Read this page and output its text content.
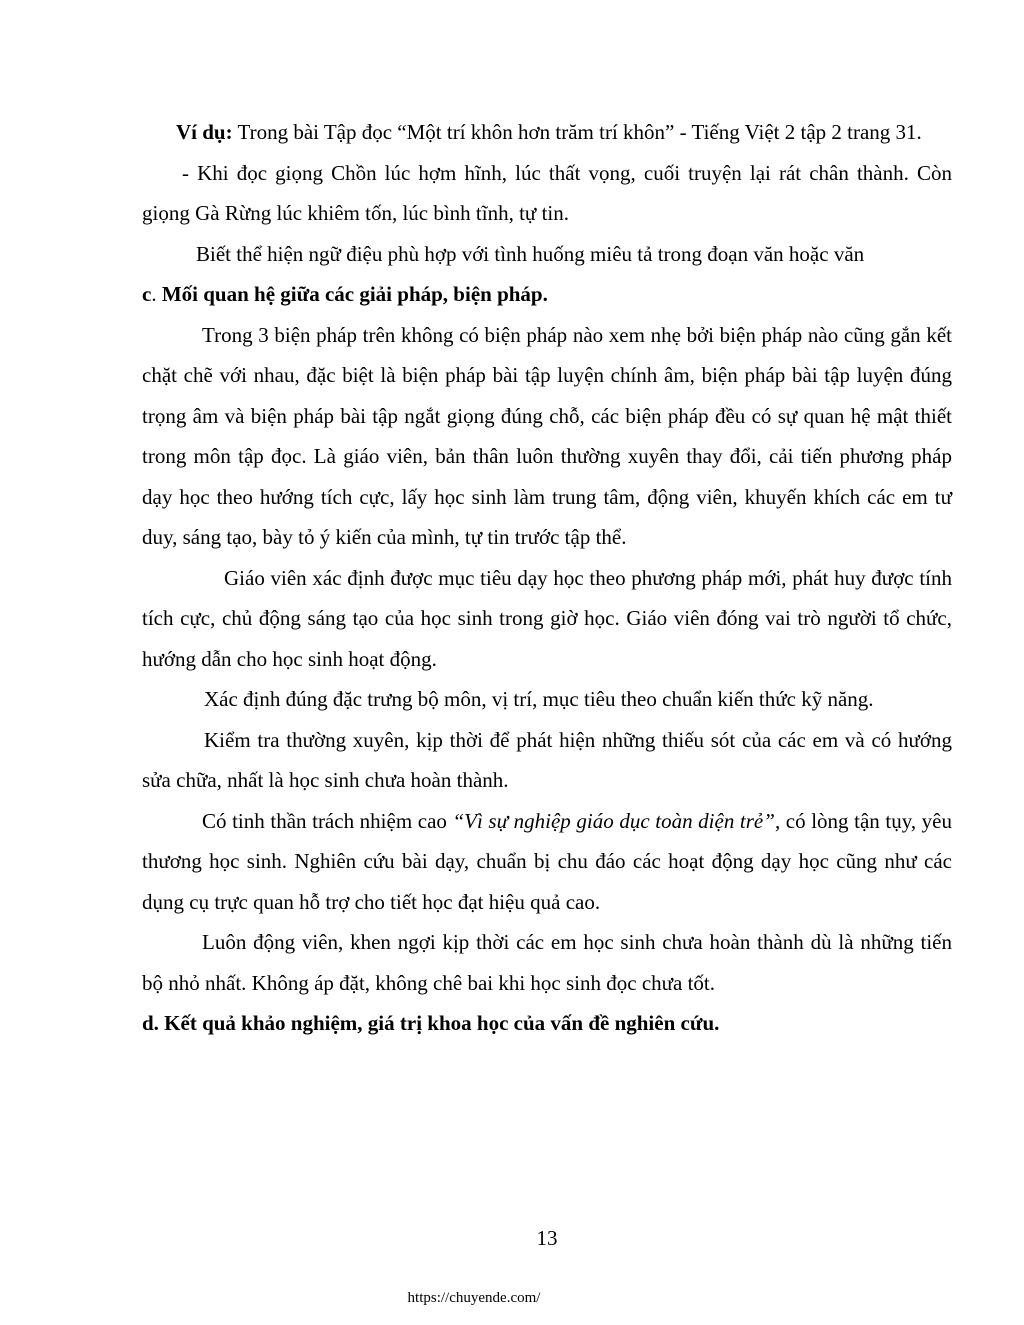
Ví dụ: Trong bài Tập đọc “Một trí khôn hơn trăm trí khôn” - Tiếng Việt 2 tập 2 trang 31.

- Khi đọc giọng Chồn lúc hợm hĩnh, lúc thất vọng, cuối truyện lại rát chân thành. Còn giọng Gà Rừng lúc khiêm tốn, lúc bình tĩnh, tự tin.

Biết thể hiện ngữ điệu phù hợp với tình huống miêu tả trong đoạn văn hoặc văn

c. Mối quan hệ giữa các giải pháp, biện pháp.

Trong 3 biện pháp trên không có biện pháp nào xem nhẹ bởi biện pháp nào cũng gắn kết chặt chẽ với nhau, đặc biệt là biện pháp bài tập luyện chính âm, biện pháp bài tập luyện đúng trọng âm và biện pháp bài tập ngắt giọng đúng chỗ, các biện pháp đều có sự quan hệ mật thiết trong môn tập đọc. Là giáo viên, bản thân luôn thường xuyên thay đổi, cải tiến phương pháp dạy học theo hướng tích cực, lấy học sinh làm trung tâm, động viên, khuyến khích các em tư duy, sáng tạo, bày tỏ ý kiến của mình, tự tin trước tập thể.

Giáo viên xác định được mục tiêu dạy học theo phương pháp mới, phát huy được tính tích cực, chủ động sáng tạo của học sinh trong giờ học. Giáo viên đóng vai trò người tổ chức, hướng dẫn cho học sinh hoạt động.

Xác định đúng đặc trưng bộ môn, vị trí, mục tiêu theo chuẩn kiến thức kỹ năng.

Kiểm tra thường xuyên, kịp thời để phát hiện những thiếu sót của các em và có hướng sửa chữa, nhất là học sinh chưa hoàn thành.

Có tinh thần trách nhiệm cao “Vì sự nghiệp giáo dục toàn diện trẻ”, có lòng tận tụy, yêu thương học sinh. Nghiên cứu bài dạy, chuẩn bị chu đáo các hoạt động dạy học cũng như các dụng cụ trực quan hỗ trợ cho tiết học đạt hiệu quả cao.

Luôn động viên, khen ngợi kịp thời các em học sinh chưa hoàn thành dù là những tiến bộ nhỏ nhất. Không áp đặt, không chê bai khi học sinh đọc chưa tốt.

d. Kết quả khảo nghiệm, giá trị khoa học của vấn đề nghiên cứu.

13
https://chuyende.com/
